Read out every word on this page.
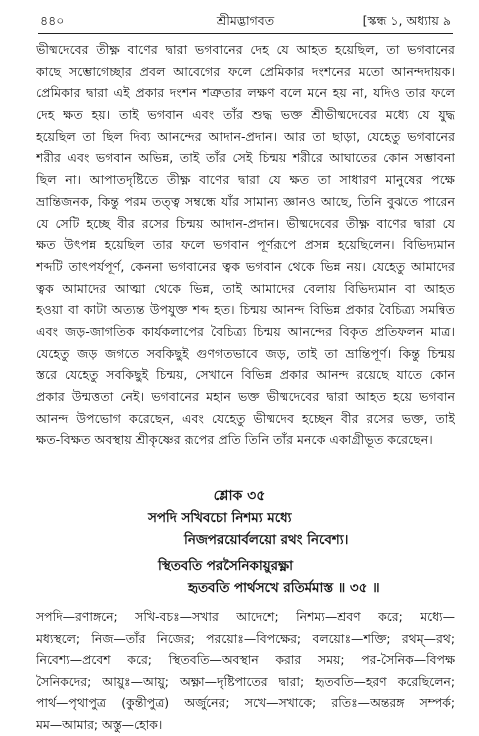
৪৪০	শ্রীমদ্ভাগবত	[স্কন্ধ ১, অধ্যায় ৯
ভীষ্মদেবের তীক্ষ্ণ বাণের দ্বারা ভগবানের দেহ যে আহত হয়েছিল, তা ভগবানের
কাছে সম্ভোগেচ্ছার প্রবল আবেগের ফলে প্রেমিকার দংশনের মতো আনন্দদায়ক।
প্রেমিকার দ্বারা এই প্রকার দংশন শত্রুতার লক্ষণ বলে মনে হয় না, যদিও তার ফলে
দেহ ক্ষত হয়। তাই ভগবান এবং তাঁর শুদ্ধ ভক্ত শ্রীভীষ্মদেবের মধ্যে যে যুদ্ধ
হয়েছিল তা ছিল দিব্য আনন্দের আদান-প্রদান। আর তা ছাড়া, যেহেতু ভগবানের
শরীর এবং ভগবান অভিন্ন, তাই তাঁর সেই চিন্ময় শরীরে আঘাতের কোন সম্ভাবনা
ছিল না। আপাতদৃষ্টিতে তীক্ষ্ণ বাণের দ্বারা যে ক্ষত তা সাধারণ মানুষের পক্ষে
ভ্রান্তিজনক, কিন্তু পরম তত্ত্ব সম্বন্ধে যাঁর সামান্য জ্ঞানও আছে, তিনি বুঝতে পারেন
যে সেটি হচ্ছে বীর রসের চিন্ময় আদান-প্রদান। ভীষ্মদেবের তীক্ষ্ণ বাণের দ্বারা যে
ক্ষত উৎপন্ন হয়েছিল তার ফলে ভগবান পূর্ণরূপে প্রসন্ন হয়েছিলেন। বিভিদ্যমান
শব্দটি তাৎপর্যপূর্ণ, কেননা ভগবানের ত্বক ভগবান থেকে ভিন্ন নয়। যেহেতু আমাদের
ত্বক আমাদের আত্মা থেকে ভিন্ন, তাই আমাদের বেলায় বিভিদ্যমান বা আহত
হওয়া বা কাটা অত্যন্ত উপযুক্ত শব্দ হত। চিন্ময় আনন্দ বিভিন্ন প্রকার বৈচিত্র্য সমন্বিত
এবং জড়-জাগতিক কার্যকলাপের বৈচিত্র্য চিন্ময় আনন্দের বিকৃত প্রতিফলন মাত্র।
যেহেতু জড় জগতে সবকিছুই গুণগতভাবে জড়, তাই তা ভ্রান্তিপূর্ণ। কিন্তু চিন্ময়
স্তরে যেহেতু সবকিছুই চিন্ময়, সেখানে বিভিন্ন প্রকার আনন্দ রয়েছে যাতে কোন
প্রকার উন্মত্ততা নেই। ভগবানের মহান ভক্ত ভীষ্মদেবের দ্বারা আহত হয়ে ভগবান
আনন্দ উপভোগ করেছেন, এবং যেহেতু ভীষ্মদেব হচ্ছেন বীর রসের ভক্ত, তাই
ক্ষত-বিক্ষত অবস্থায় শ্রীকৃষ্ণের রূপের প্রতি তিনি তাঁর মনকে একাগ্রীভূত করেছেন।
শ্লোক ৩৫
সপদি সখিবচো নিশম্য মধ্যে
নিজপরয়োর্বলয়ো রথং নিবেশ্য।
স্থিতবতি পরসৈনিকায়ুরক্ষ্ণা
হৃতবতি পার্থসখে রতির্মমাস্ত ॥ ৩৫ ॥
সপদি—রণাঙ্গনে; সখি-বচঃ—সখার আদেশে; নিশম্য—শ্রবণ করে; মধ্যে—
মধ্যস্থলে; নিজ—তাঁর নিজের; পরয়োঃ—বিপক্ষের; বলয়োঃ—শক্তি; রথম্—রথ;
নিবেশ্য—প্রবেশ করে; স্থিতবতি—অবস্থান করার সময়; পর-সৈনিক—বিপক্ষ
সৈনিকদের; আয়ুঃ—আয়ু; অক্ষ্ণা—দৃষ্টিপাতের দ্বারা; হৃতবতি—হরণ করেছিলেন;
পার্থ—পৃথাপুত্র (কুন্তীপুত্র) অর্জুনের; সখে—সখাকে; রতিঃ—অন্তরঙ্গ সম্পর্ক;
মম—আমার; অস্তু—হোক।
